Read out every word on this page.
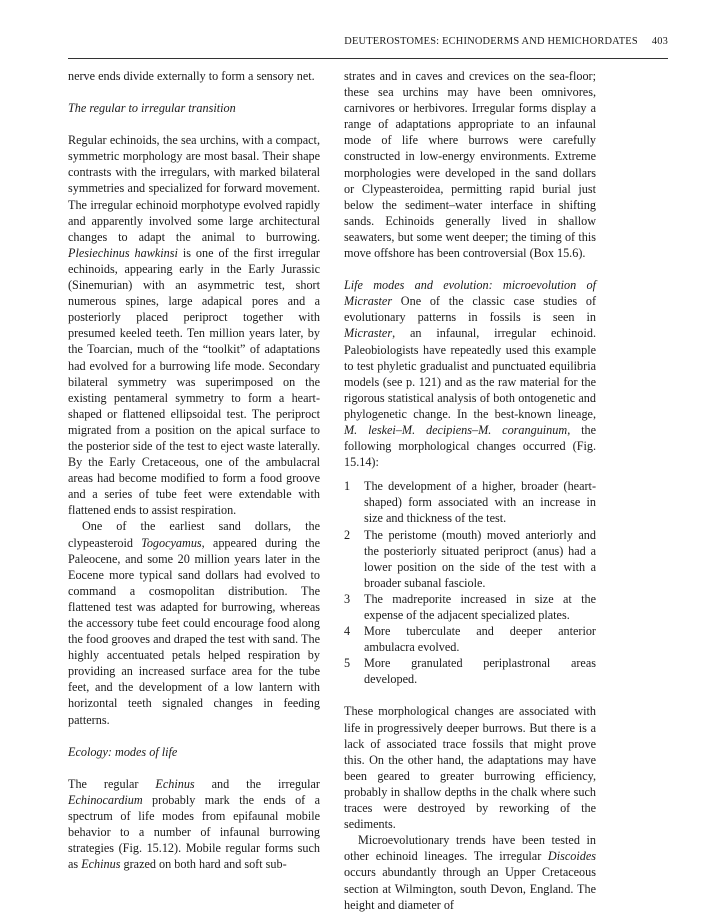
DEUTEROSTOMES: ECHINODERMS AND HEMICHORDATES 403

nerve ends divide externally to form a sensory net.

The regular to irregular transition

Regular echinoids, the sea urchins, with a compact, symmetric morphology are most basal. Their shape contrasts with the irregulars, with marked bilateral symmetries and specialized for forward movement. The irregular echinoid morphotype evolved rapidly and apparently involved some large architectural changes to adapt the animal to burrowing. Plesiechinus hawkinsi is one of the first irregular echinoids, appearing early in the Early Jurassic (Sinemurian) with an asymmetric test, short numerous spines, large adapical pores and a posteriorly placed periproct together with presumed keeled teeth. Ten million years later, by the Toarcian, much of the “toolkit” of adaptations had evolved for a burrowing life mode. Secondary bilateral symmetry was superimposed on the existing pentameral symmetry to form a heart-shaped or flattened ellipsoidal test. The periproct migrated from a position on the apical surface to the posterior side of the test to eject waste laterally. By the Early Cretaceous, one of the ambulacral areas had become modified to form a food groove and a series of tube feet were extendable with flattened ends to assist respiration.

One of the earliest sand dollars, the clypeasteroid Togocyamus, appeared during the Paleocene, and some 20 million years later in the Eocene more typical sand dollars had evolved to command a cosmopolitan distribution. The flattened test was adapted for burrowing, whereas the accessory tube feet could encourage food along the food grooves and draped the test with sand. The highly accentuated petals helped respiration by providing an increased surface area for the tube feet, and the development of a low lantern with horizontal teeth signaled changes in feeding patterns.

Ecology: modes of life

The regular Echinus and the irregular Echinocardium probably mark the ends of a spectrum of life modes from epifaunal mobile behavior to a number of infaunal burrowing strategies (Fig. 15.12). Mobile regular forms such as Echinus grazed on both hard and soft sub-

strates and in caves and crevices on the sea-floor; these sea urchins may have been omnivores, carnivores or herbivores. Irregular forms display a range of adaptations appropriate to an infaunal mode of life where burrows were carefully constructed in low-energy environments. Extreme morphologies were developed in the sand dollars or Clypeasteroidea, permitting rapid burial just below the sediment–water interface in shifting sands. Echinoids generally lived in shallow seawaters, but some went deeper; the timing of this move offshore has been controversial (Box 15.6).

Life modes and evolution: microevolution of Micraster One of the classic case studies of evolutionary patterns in fossils is seen in Micraster, an infaunal, irregular echinoid. Paleobiologists have repeatedly used this example to test phyletic gradualist and punctuated equilibria models (see p. 121) and as the raw material for the rigorous statistical analysis of both ontogenetic and phylogenetic change. In the best-known lineage, M. leskei–M. decipiens–M. coranguinum, the following morphological changes occurred (Fig. 15.14):

1	The development of a higher, broader (heart-shaped) form associated with an increase in size and thickness of the test.
2	The peristome (mouth) moved anteriorly and the posteriorly situated periproct (anus) had a lower position on the side of the test with a broader subanal fasciole.
3	The madreporite increased in size at the expense of the adjacent specialized plates.
4	More tuberculate and deeper anterior ambulacra evolved.
5	More granulated periplastronal areas developed.

These morphological changes are associated with life in progressively deeper burrows. But there is a lack of associated trace fossils that might prove this. On the other hand, the adaptations may have been geared to greater burrowing efficiency, probably in shallow depths in the chalk where such traces were destroyed by reworking of the sediments.

Microevolutionary trends have been tested in other echinoid lineages. The irregular Discoides occurs abundantly through an Upper Cretaceous section at Wilmington, south Devon, England. The height and diameter of
